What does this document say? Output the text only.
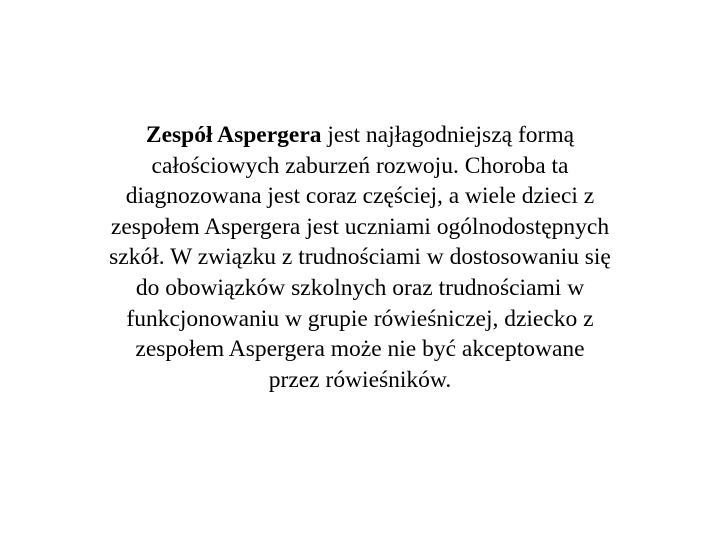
Zespół Aspergera jest najłagodniejszą formą
całościowych zaburzeń rozwoju. Choroba ta
diagnozowana jest coraz częściej, a wiele dzieci z
zespołem Aspergera jest uczniami ogólnodostępnych
szkół. W związku z trudnościami w dostosowaniu się
do obowiązków szkolnych oraz trudnościami w
funkcjonowaniu w grupie rówieśniczej, dziecko z
zespołem Aspergera może nie być akceptowane
przez rówieśników.
